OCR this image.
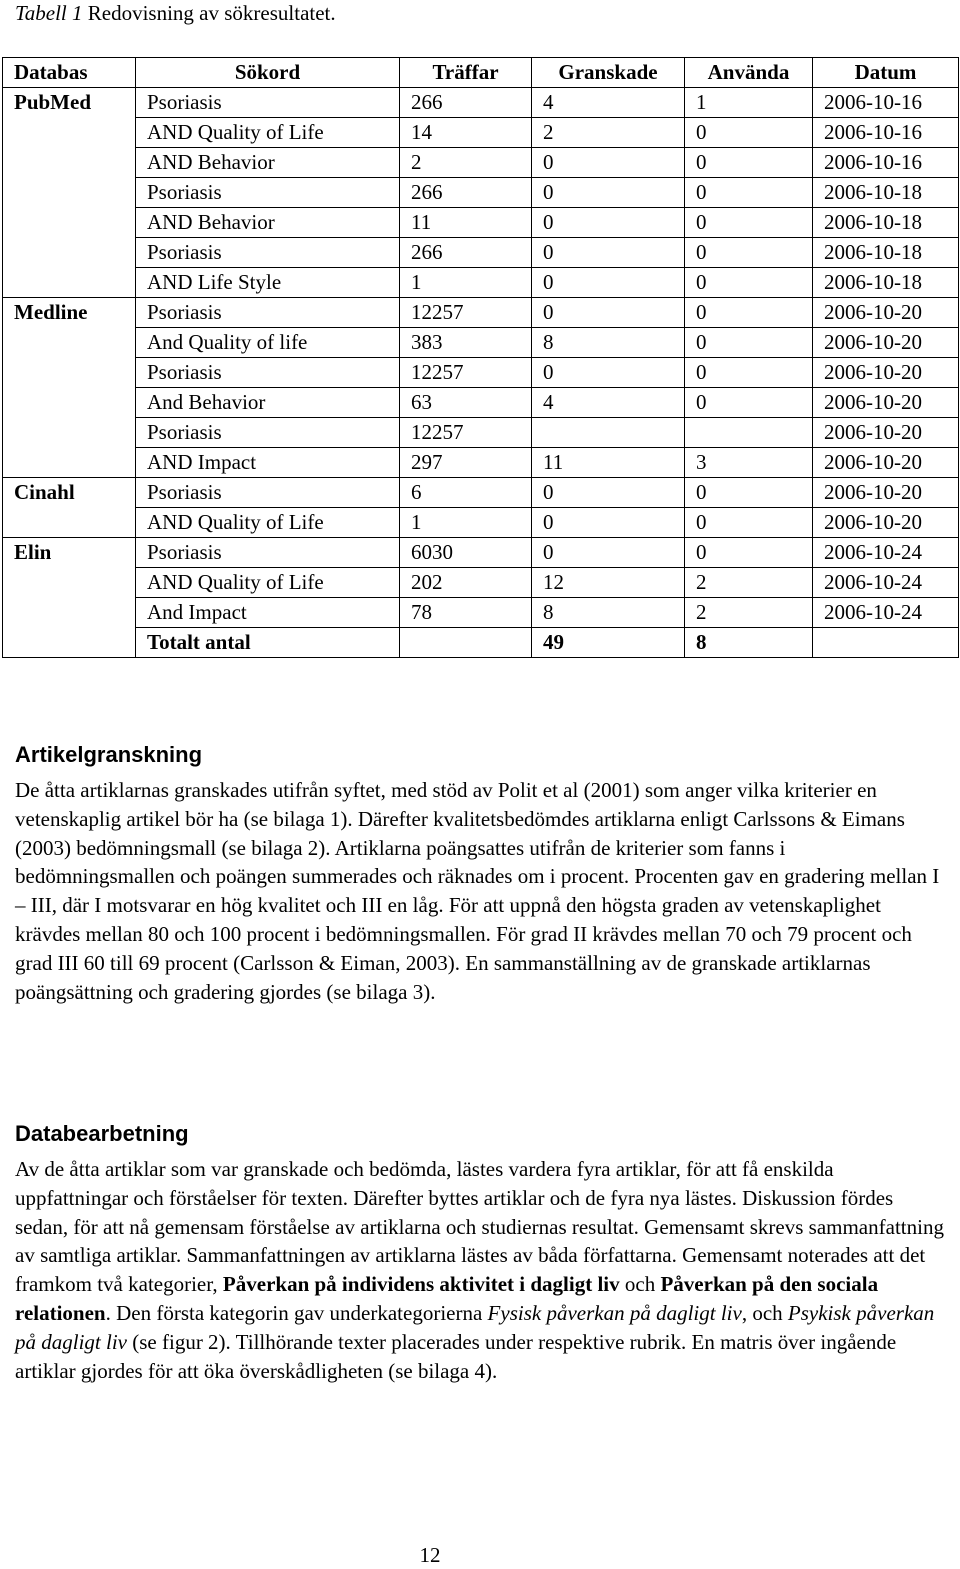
Tabell 1 Redovisning av sökresultatet.
Databas	Sökord	Träffar	Granskade	Använda	Datum
PubMed	Psoriasis	266	4	1	2006-10-16
	AND Quality of Life	14	2	0	2006-10-16
	AND Behavior	2	0	0	2006-10-16
	Psoriasis	266	0	0	2006-10-18
	AND Behavior	11	0	0	2006-10-18
	Psoriasis	266	0	0	2006-10-18
	AND Life Style	1	0	0	2006-10-18
Medline	Psoriasis	12257	0	0	2006-10-20
	And Quality of life	383	8	0	2006-10-20
	Psoriasis	12257	0	0	2006-10-20
	And Behavior	63	4	0	2006-10-20
	Psoriasis	12257			2006-10-20
	AND Impact	297	11	3	2006-10-20
Cinahl	Psoriasis	6	0	0	2006-10-20
	AND Quality of Life	1	0	0	2006-10-20
Elin	Psoriasis	6030	0	0	2006-10-24
	AND Quality of Life	202	12	2	2006-10-24
	And Impact	78	8	2	2006-10-24
	Totalt antal		49	8	
Artikelgranskning

De åtta artiklarnas granskades utifrån syftet, med stöd av Polit et al (2001) som anger vilka kriterier en vetenskaplig artikel bör ha (se bilaga 1). Därefter kvalitetsbedömdes artiklarna enligt Carlssons & Eimans (2003) bedömningsmall (se bilaga 2). Artiklarna poängsattes utifrån de kriterier som fanns i bedömningsmallen och poängen summerades och räknades om i procent. Procenten gav en gradering mellan I – III, där I motsvarar en hög kvalitet och III en låg. För att uppnå den högsta graden av vetenskaplighet krävdes mellan 80 och 100 procent i bedömningsmallen. För grad II krävdes mellan 70 och 79 procent och grad III 60 till 69 procent (Carlsson & Eiman, 2003). En sammanställning av de granskade artiklarnas poängsättning och gradering gjordes (se bilaga 3).

Databearbetning

Av de åtta artiklar som var granskade och bedömda, lästes vardera fyra artiklar, för att få enskilda uppfattningar och förståelser för texten. Därefter byttes artiklar och de fyra nya lästes. Diskussion fördes sedan, för att nå gemensam förståelse av artiklarna och studiernas resultat. Gemensamt skrevs sammanfattning av samtliga artiklar. Sammanfattningen av artiklarna lästes av båda författarna. Gemensamt noterades att det framkom två kategorier, Påverkan på individens aktivitet i dagligt liv och Påverkan på den sociala relationen. Den första kategorin gav underkategorierna Fysisk påverkan på dagligt liv, och Psykisk påverkan på dagligt liv (se figur 2). Tillhörande texter placerades under respektive rubrik. En matris över ingående artiklar gjordes för att öka överskådligheten (se bilaga 4).

12
